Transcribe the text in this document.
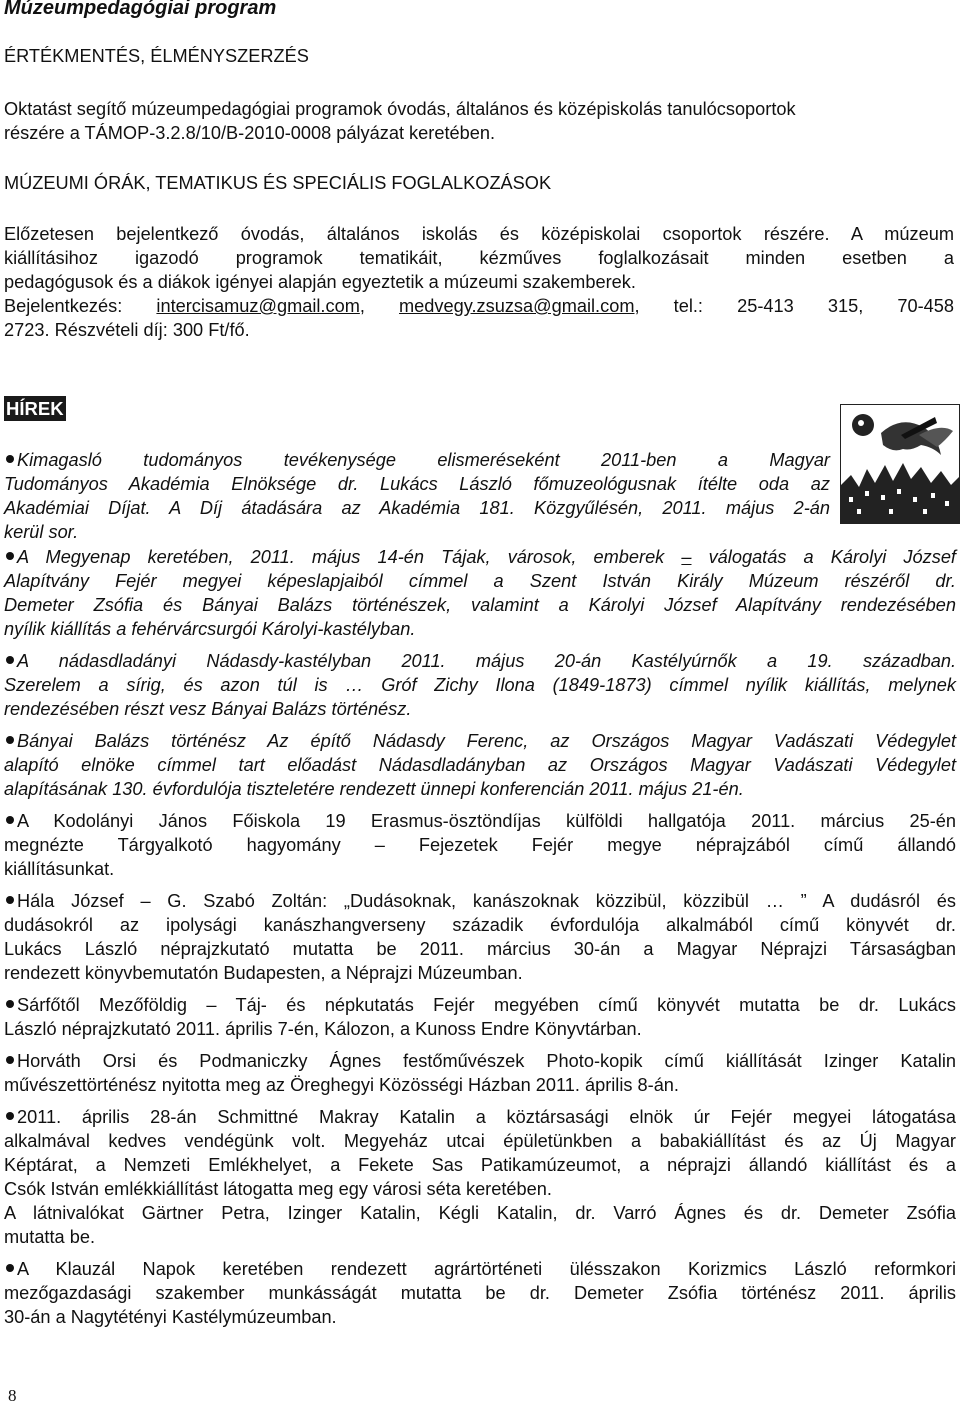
Múzeumpedagógiai program
ÉRTÉKMENTÉS, ÉLMÉNYSZERZÉS
Oktatást segítő múzeumpedagógiai programok óvodás, általános és középiskolás tanulócsoportok
részére a TÁMOP-3.2.8/10/B-2010-0008 pályázat keretében.
MÚZEUMI ÓRÁK, TEMATIKUS ÉS SPECIÁLIS FOGLALKOZÁSOK
Előzetesen bejelentkező óvodás, általános iskolás és középiskolai csoportok részére. A múzeum
kiállításihoz igazodó programok tematikáit, kézműves foglalkozásait minden esetben a
pedagógusok és a diákok igényei alapján egyeztetik a múzeumi szakemberek.
Bejelentkezés: intercisamuz@gmail.com, medvegy.zsuzsa@gmail.com, tel.: 25-413 315, 70-458
2723. Részvételi díj: 300 Ft/fő.
HÍREK
Kimagasló tudományos tevékenysége elismeréseként 2011-ben a Magyar
Tudományos Akadémia Elnöksége dr. Lukács László főmuzeológusnak ítélte oda az
Akadémiai Díjat. A Díj átadására az Akadémia 181. Közgyűlésén, 2011. május 2-án
kerül sor.
A Megyenap keretében, 2011. május 14-én Tájak, városok, emberek – válogatás a Károlyi József
Alapítvány Fejér megyei képeslapjaiból címmel a Szent István Király Múzeum részéről dr.
Demeter Zsófia és Bányai Balázs történészek, valamint a Károlyi József Alapítvány rendezésében
nyílik kiállítás a fehérvárcsurgói Károlyi-kastélyban.
A nádasdladányi Nádasdy-kastélyban 2011. május 20-án Kastélyúrnők a 19. században.
Szerelem a sírig, és azon túl is … Gróf Zichy Ilona (1849-1873) címmel nyílik kiállítás, melynek
rendezésében részt vesz Bányai Balázs történész.
Bányai Balázs történész Az építő Nádasdy Ferenc, az Országos Magyar Vadászati Védegylet
alapító elnöke címmel tart előadást Nádasdladányban az Országos Magyar Vadászati Védegylet
alapításának 130. évfordulója tiszteletére rendezett ünnepi konferencián 2011. május 21-én.
A Kodolányi János Főiskola 19 Erasmus-ösztöndíjas külföldi hallgatója 2011. március 25-én
megnézte Tárgyalkotó hagyomány – Fejezetek Fejér megye néprajzából című állandó
kiállításunkat.
Hála József – G. Szabó Zoltán: „Dudásoknak, kanászoknak közzibül, közzibül … ” A dudásról és
dudásokról az ipolysági kanászhangverseny századik évfordulója alkalmából című könyvét dr.
Lukács László néprajzkutató mutatta be 2011. március 30-án a Magyar Néprajzi Társaságban
rendezett könyvbemutatón Budapesten, a Néprajzi Múzeumban.
Sárfőtől Mezőföldig – Táj- és népkutatás Fejér megyében című könyvét mutatta be dr. Lukács
László néprajzkutató 2011. április 7-én, Kálozon, a Kunoss Endre Könyvtárban.
Horváth Orsi és Podmaniczky Ágnes festőművészek Photo-kopik című kiállítását Izinger Katalin
művészettörténész nyitotta meg az Öreghegyi Közösségi Házban 2011. április 8-án.
2011. április 28-án Schmittné Makray Katalin a köztársasági elnök úr Fejér megyei látogatása
alkalmával kedves vendégünk volt. Megyeház utcai épületünkben a babakiállítást és az Új Magyar
Képtárat, a Nemzeti Emlékhelyet, a Fekete Sas Patikamúzeumot, a néprajzi állandó kiállítást és a
Csók István emlékkiállítást látogatta meg egy városi séta keretében.
A látnivalókat Gärtner Petra, Izinger Katalin, Kégli Katalin, dr. Varró Ágnes és dr. Demeter Zsófia
mutatta be.
A Klauzál Napok keretében rendezett agrártörténeti ülésszakon Korizmics László reformkori
mezőgazdasági szakember munkásságát mutatta be dr. Demeter Zsófia történész 2011. április
30-án a Nagytétényi Kastélymúzeumban.
8
